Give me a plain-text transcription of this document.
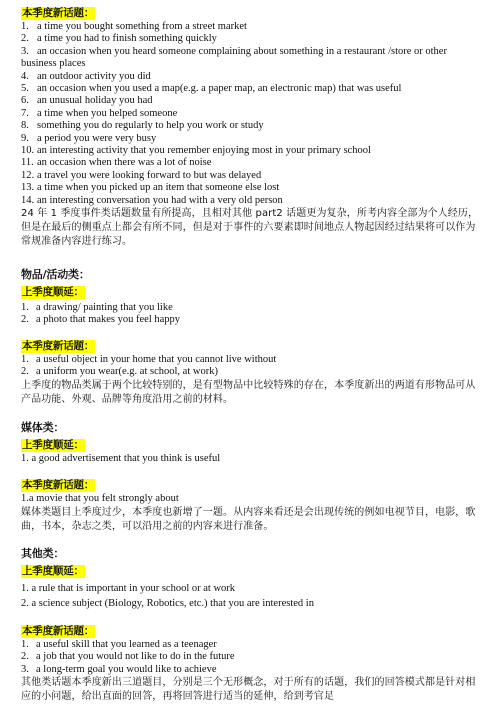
本季度新话题：
1. a time you bought something from a street market
2. a time you had to finish something quickly
3. an occasion when you heard someone complaining about something in a restaurant /store or other business places
4. an outdoor activity you did
5. an occasion when you used a map(e.g. a paper map, an electronic map) that was useful
6. an unusual holiday you had
7. a time when you helped someone
8. something you do regularly to help you work or study
9. a period you were very busy
10. an interesting activity that you remember enjoying most in your primary school
11. an occasion when there was a lot of noise
12. a travel you were looking forward to but was delayed
13. a time when you picked up an item that someone else lost
14. an interesting conversation you had with a very old person
24 年 1 季度事件类话题数量有所提高，且相对其他 part2 话题更为复杂，所考内容全部为个人经历，但是在最后的侧重点上都会有所不同，但是对于事件的六要素即时间地点人物起因经过结果将可以作为常规准备内容进行练习。
物品/活动类：
上季度顺延：
1. a drawing/ painting that you like
2. a photo that makes you feel happy
本季度新话题：
1. a useful object in your home that you cannot live without
2. a uniform you wear(e.g. at school, at work)
上季度的物品类属于两个比较特别的，是有型物品中比较特殊的存在，本季度新出的两道有形物品可从产品功能、外观、品牌等角度沿用之前的材料。
媒体类：
上季度顺延：
1. a good advertisement that you think is useful
本季度新话题：
1.a movie that you felt strongly about
媒体类题目上季度过少，本季度也新增了一题。从内容来看还是会出现传统的例如电视节目，电影，歌曲，书本，杂志之类，可以沿用之前的内容来进行准备。
其他类：
上季度顺延：
1. a rule that is important in your school or at work
2. a science subject (Biology, Robotics, etc.) that you are interested in
本季度新话题：
1. a useful skill that you learned as a teenager
2. a job that you would not like to do in the future
3. a long-term goal you would like to achieve
其他类话题本季度新出三道题目，分别是三个无形概念，对于所有的话题，我们的回答模式都是针对相应的小问题，给出直面的回答，再将回答进行适当的延伸，给到考官足
